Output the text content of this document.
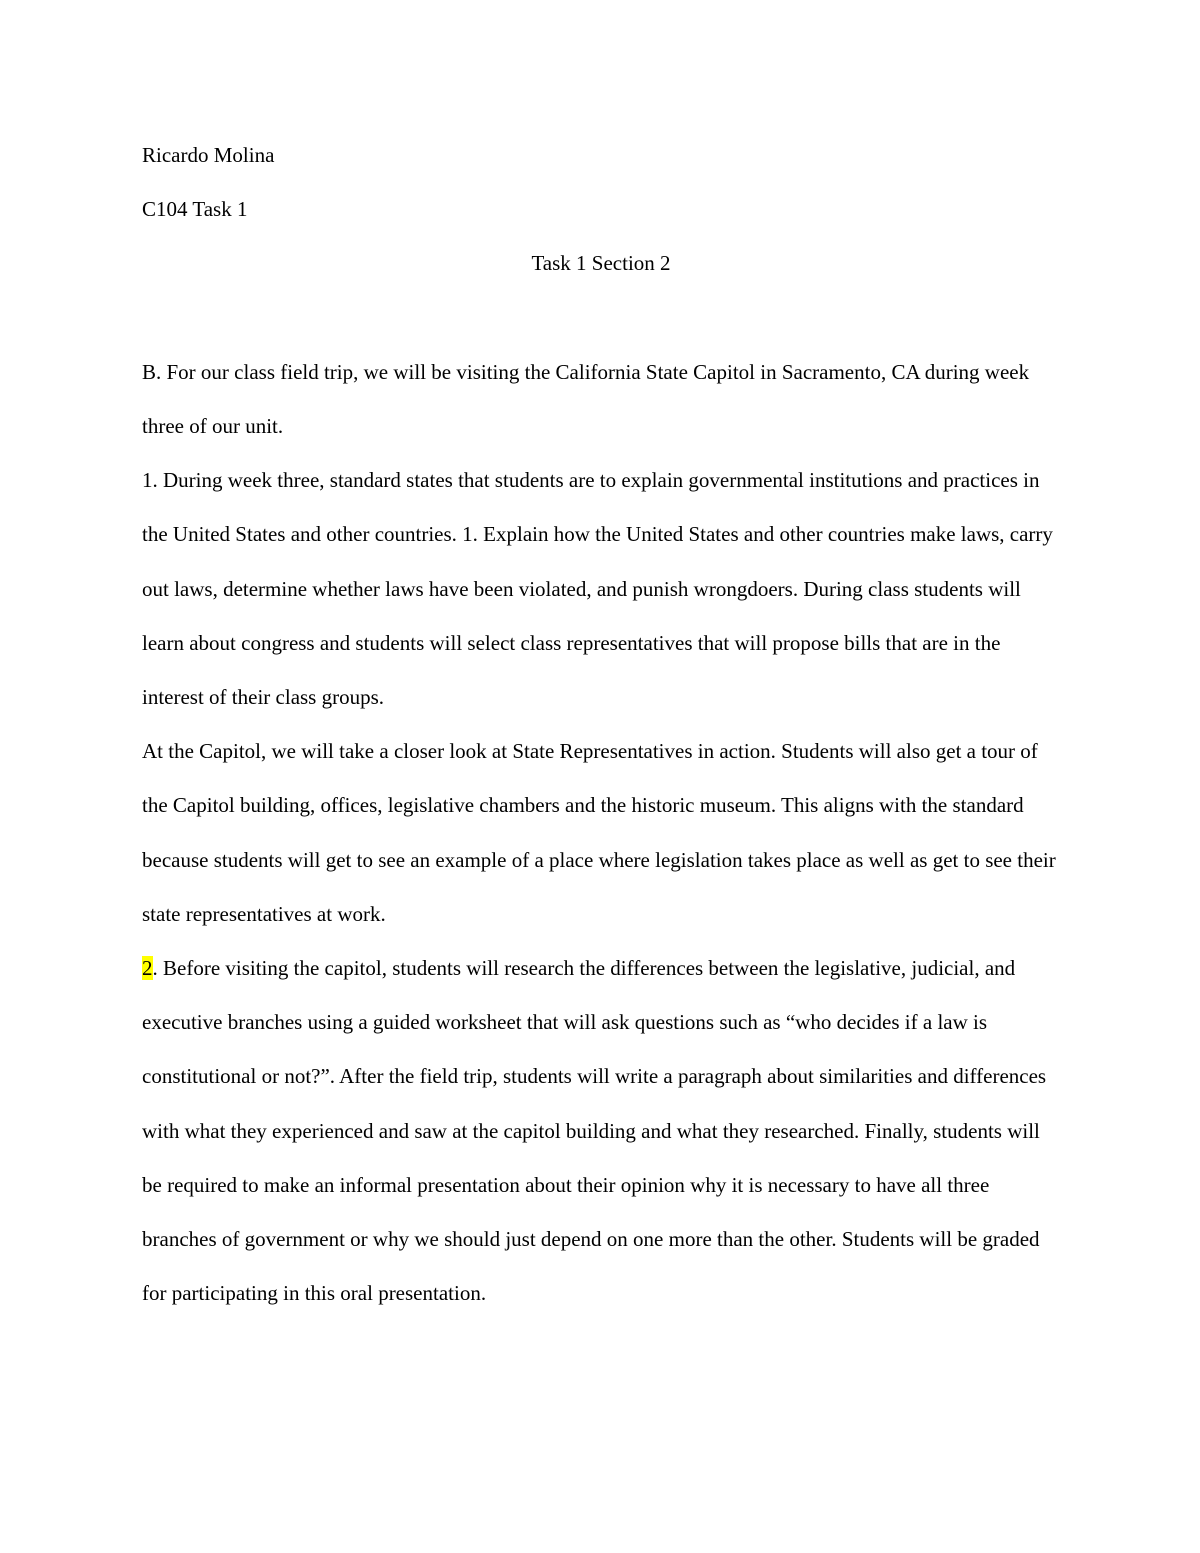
Ricardo Molina

C104 Task 1

Task 1 Section 2

B. For our class field trip, we will be visiting the California State Capitol in Sacramento, CA during week three of our unit.

1. During week three, standard states that students are to explain governmental institutions and practices in the United States and other countries. 1. Explain how the United States and other countries make laws, carry out laws, determine whether laws have been violated, and punish wrongdoers. During class students will learn about congress and students will select class representatives that will propose bills that are in the interest of their class groups.

At the Capitol, we will take a closer look at State Representatives in action. Students will also get a tour of the Capitol building, offices, legislative chambers and the historic museum. This aligns with the standard because students will get to see an example of a place where legislation takes place as well as get to see their state representatives at work.

2. Before visiting the capitol, students will research the differences between the legislative, judicial, and executive branches using a guided worksheet that will ask questions such as “who decides if a law is constitutional or not?”. After the field trip, students will write a paragraph about similarities and differences with what they experienced and saw at the capitol building and what they researched. Finally, students will be required to make an informal presentation about their opinion why it is necessary to have all three branches of government or why we should just depend on one more than the other. Students will be graded for participating in this oral presentation.
